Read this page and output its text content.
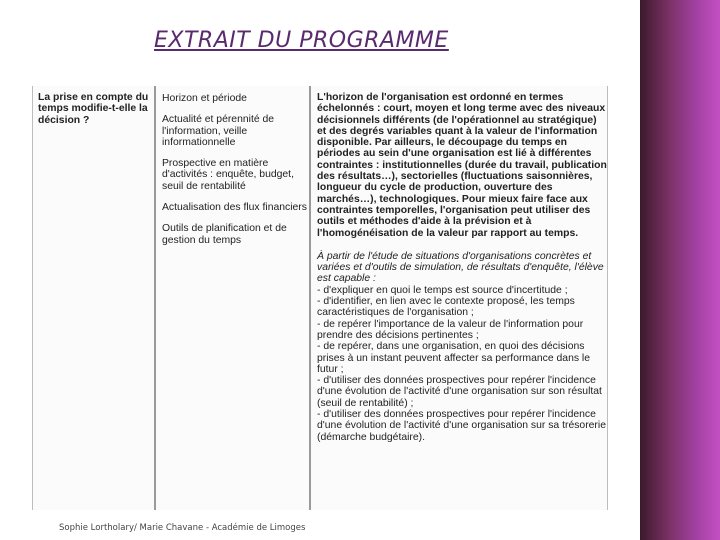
EXTRAIT DU PROGRAMME
La prise en compte du temps modifie-t-elle la décision ?

Horizon et période

Actualité et pérennité de l'information, veille informationnelle

Prospective en matière d'activités : enquête, budget, seuil de rentabilité

Actualisation des flux financiers

Outils de planification et de gestion du temps

L'horizon de l'organisation est ordonné en termes échelonnés : court, moyen et long terme avec des niveaux décisionnels différents (de l'opérationnel au stratégique) et des degrés variables quant à la valeur de l'information disponible. Par ailleurs, le découpage du temps en périodes au sein d'une organisation est lié à différentes contraintes : institutionnelles (durée du travail, publication des résultats…), sectorielles (fluctuations saisonnières, longueur du cycle de production, ouverture des marchés…), technologiques. Pour mieux faire face aux contraintes temporelles, l'organisation peut utiliser des outils et méthodes d'aide à la prévision et à l'homogénéisation de la valeur par rapport au temps.

À partir de l'étude de situations d'organisations concrètes et variées et d'outils de simulation, de résultats d'enquête, l'élève est capable :

- d'expliquer en quoi le temps est source d'incertitude ;
- d'identifier, en lien avec le contexte proposé, les temps caractéristiques de l'organisation ;
- de repérer l'importance de la valeur de l'information pour prendre des décisions pertinentes ;
- de repérer, dans une organisation, en quoi des décisions prises à un instant peuvent affecter sa performance dans le futur ;
- d'utiliser des données prospectives pour repérer l'incidence d'une évolution de l'activité d'une organisation sur son résultat (seuil de rentabilité) ;
- d'utiliser des données prospectives pour repérer l'incidence d'une évolution de l'activité d'une organisation sur sa trésorerie (démarche budgétaire).
Sophie Lortholary/ Marie Chavane - Académie de Limoges
